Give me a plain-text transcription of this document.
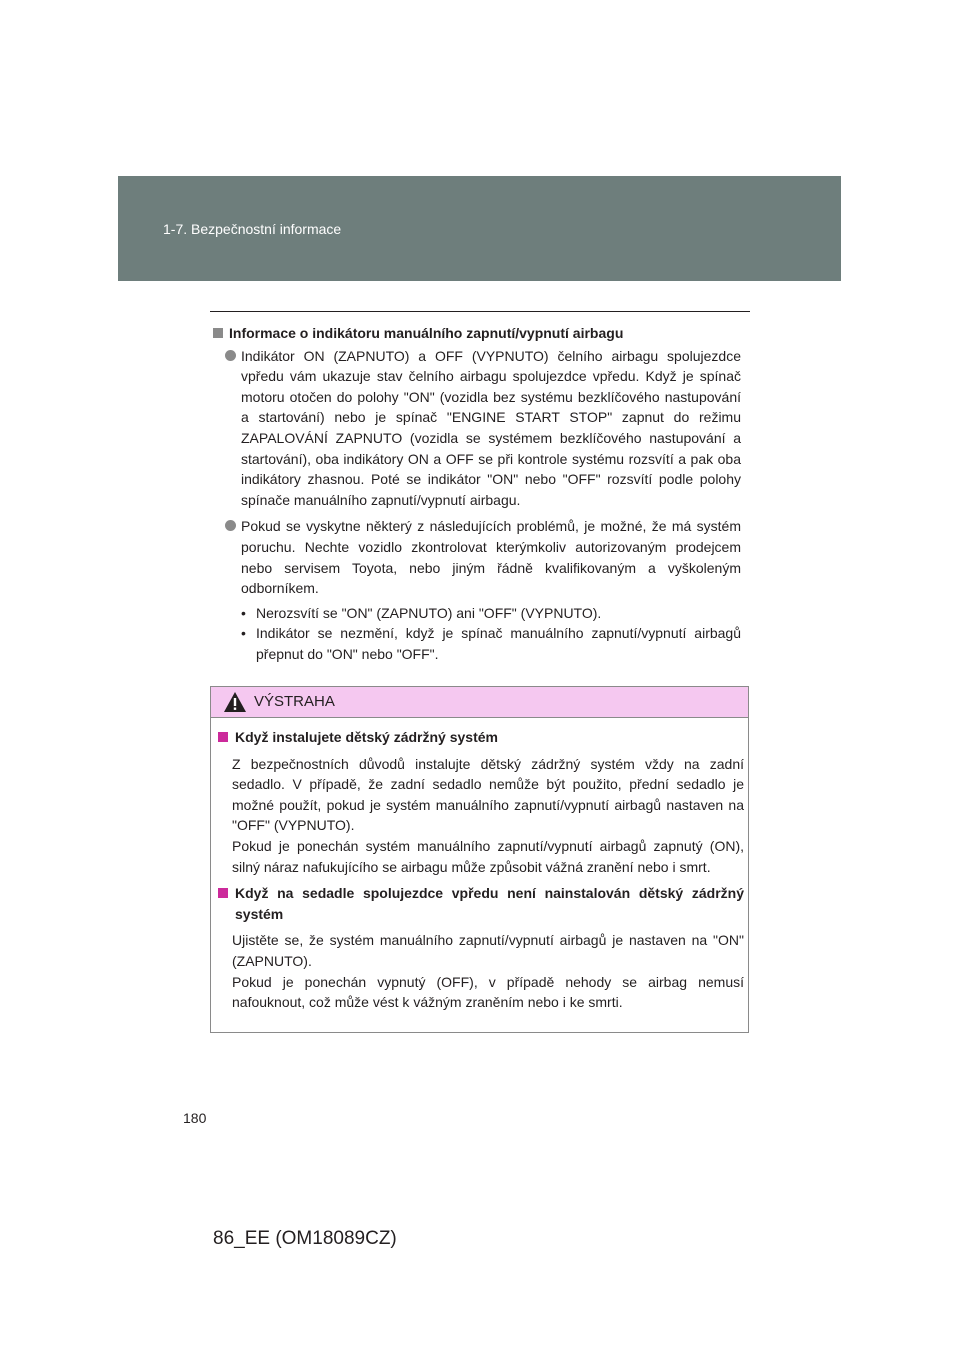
1-7. Bezpečnostní informace
Informace o indikátoru manuálního zapnutí/vypnutí airbagu
Indikátor ON (ZAPNUTO) a OFF (VYPNUTO) čelního airbagu spolujezdce vpředu vám ukazuje stav čelního airbagu spolujezdce vpředu. Když je spínač motoru otočen do polohy "ON" (vozidla bez systému bezklíčového nastupování a startování) nebo je spínač "ENGINE START STOP" zapnut do režimu ZAPALOVÁNÍ ZAPNUTO (vozidla se systémem bezklíčového nastupování a startování), oba indikátory ON a OFF se při kontrole systému rozsvítí a pak oba indikátory zhasnou. Poté se indikátor "ON" nebo "OFF" rozsvítí podle polohy spínače manuálního zapnutí/vypnutí airbagu.
Pokud se vyskytne některý z následujících problémů, je možné, že má systém poruchu. Nechte vozidlo zkontrolovat kterýmkoliv autorizovaným prodejcem nebo servisem Toyota, nebo jiným řádně kvalifikovaným a vyškoleným odborníkem.
• Nerozsvítí se "ON" (ZAPNUTO) ani "OFF" (VYPNUTO).
• Indikátor se nezmění, když je spínač manuálního zapnutí/vypnutí airbagů přepnut do "ON" nebo "OFF".
VÝSTRAHA
Když instalujete dětský zádržný systém
Z bezpečnostních důvodů instalujte dětský zádržný systém vždy na zadní sedadlo. V případě, že zadní sedadlo nemůže být použito, přední sedadlo je možné použít, pokud je systém manuálního zapnutí/vypnutí airbagů nastaven na "OFF" (VYPNUTO).
Pokud je ponechán systém manuálního zapnutí/vypnutí airbagů zapnutý (ON), silný náraz nafukujícího se airbagu může způsobit vážná zranění nebo i smrt.
Když na sedadle spolujezdce vpředu není nainstalován dětský zádržný systém
Ujistěte se, že systém manuálního zapnutí/vypnutí airbagů je nastaven na "ON" (ZAPNUTO).
Pokud je ponechán vypnutý (OFF), v případě nehody se airbag nemusí nafouknout, což může vést k vážným zraněním nebo i ke smrti.
180
86_EE (OM18089CZ)
